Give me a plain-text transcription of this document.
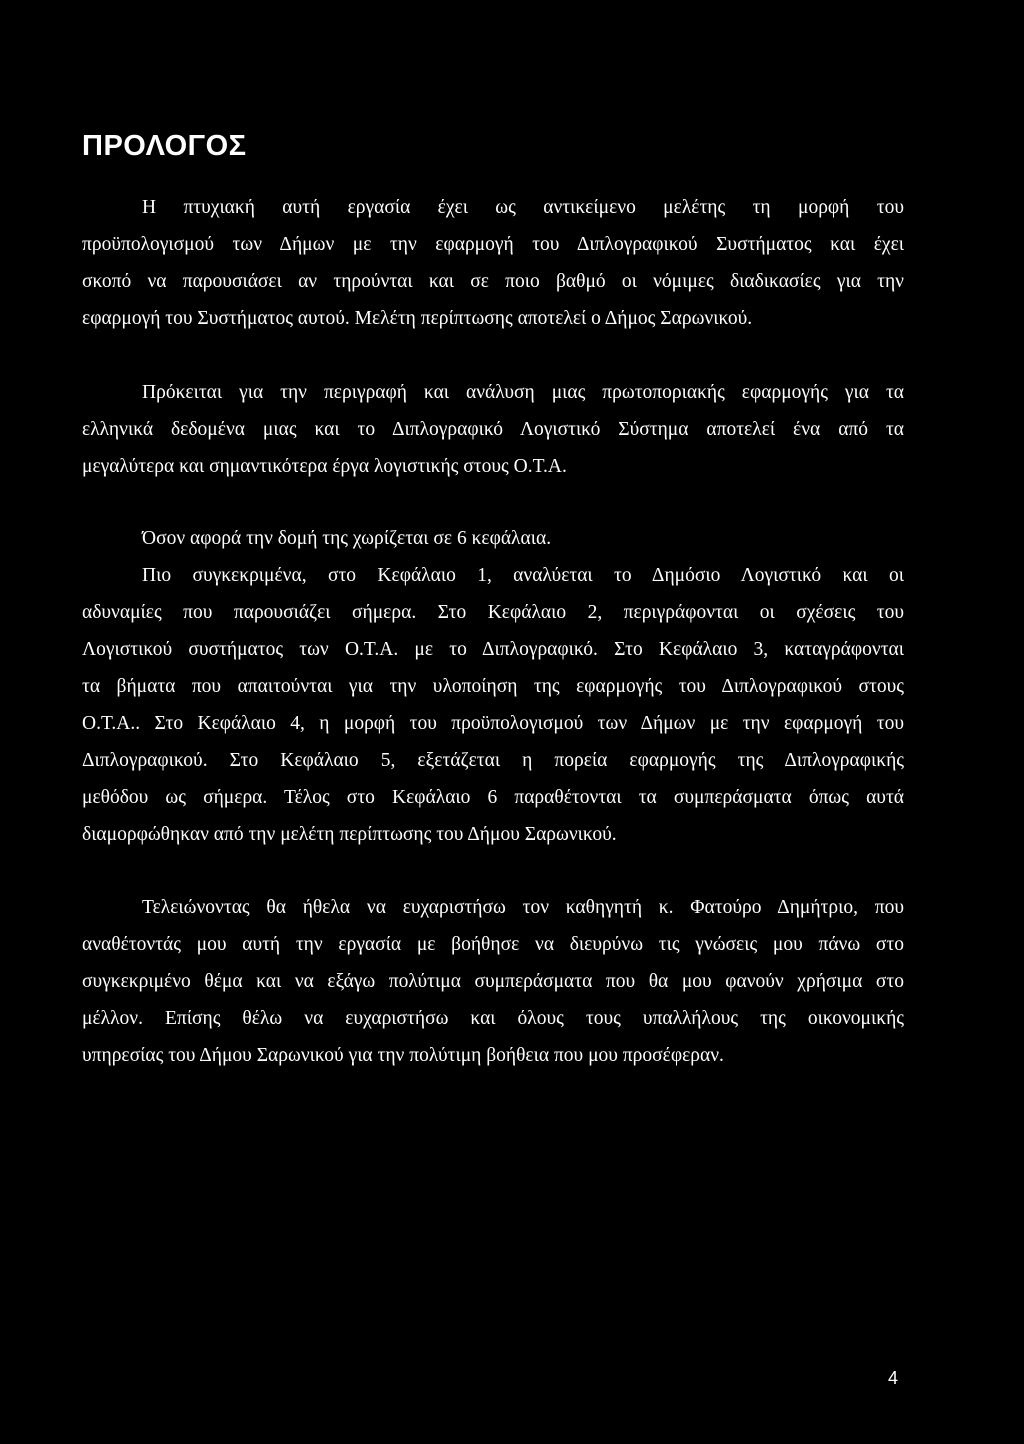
ΠΡΟΛΟΓΟΣ
Η πτυχιακή αυτή εργασία έχει ως αντικείμενο μελέτης τη μορφή του
προϋπολογισμού των Δήμων με την εφαρμογή του Διπλογραφικού Συστήματος και έχει
σκοπό να παρουσιάσει αν τηρούνται και σε ποιο βαθμό οι νόμιμες διαδικασίες για την
εφαρμογή του Συστήματος αυτού. Μελέτη περίπτωσης αποτελεί ο Δήμος Σαρωνικού.
Πρόκειται για την περιγραφή και ανάλυση μιας πρωτοποριακής εφαρμογής για τα
ελληνικά δεδομένα μιας και το Διπλογραφικό Λογιστικό Σύστημα αποτελεί ένα από τα
μεγαλύτερα και σημαντικότερα έργα λογιστικής στους Ο.Τ.Α.
Όσον αφορά την δομή της χωρίζεται σε 6 κεφάλαια.
Πιο συγκεκριμένα, στο Κεφάλαιο 1, αναλύεται το Δημόσιο Λογιστικό και οι
αδυναμίες που παρουσιάζει σήμερα. Στο Κεφάλαιο 2, περιγράφονται οι σχέσεις του
Λογιστικού συστήματος των Ο.Τ.Α. με το Διπλογραφικό. Στο Κεφάλαιο 3, καταγράφονται
τα βήματα που απαιτούνται για την υλοποίηση της εφαρμογής του Διπλογραφικού στους
Ο.Τ.Α.. Στο Κεφάλαιο 4, η μορφή του προϋπολογισμού των Δήμων με την εφαρμογή του
Διπλογραφικού. Στο Κεφάλαιο 5, εξετάζεται η πορεία εφαρμογής της Διπλογραφικής
μεθόδου ως σήμερα. Τέλος στο Κεφάλαιο 6 παραθέτονται τα συμπεράσματα όπως αυτά
διαμορφώθηκαν από την μελέτη περίπτωσης του Δήμου Σαρωνικού.
Τελειώνοντας θα ήθελα να ευχαριστήσω τον καθηγητή κ. Φατούρο Δημήτριο, που
αναθέτοντάς μου αυτή την εργασία με βοήθησε να διευρύνω τις γνώσεις μου πάνω στο
συγκεκριμένο θέμα και να εξάγω πολύτιμα συμπεράσματα που θα μου φανούν χρήσιμα στο
μέλλον. Επίσης θέλω να ευχαριστήσω και όλους τους υπαλλήλους της οικονομικής
υπηρεσίας του Δήμου Σαρωνικού για την πολύτιμη βοήθεια που μου προσέφεραν.
4
